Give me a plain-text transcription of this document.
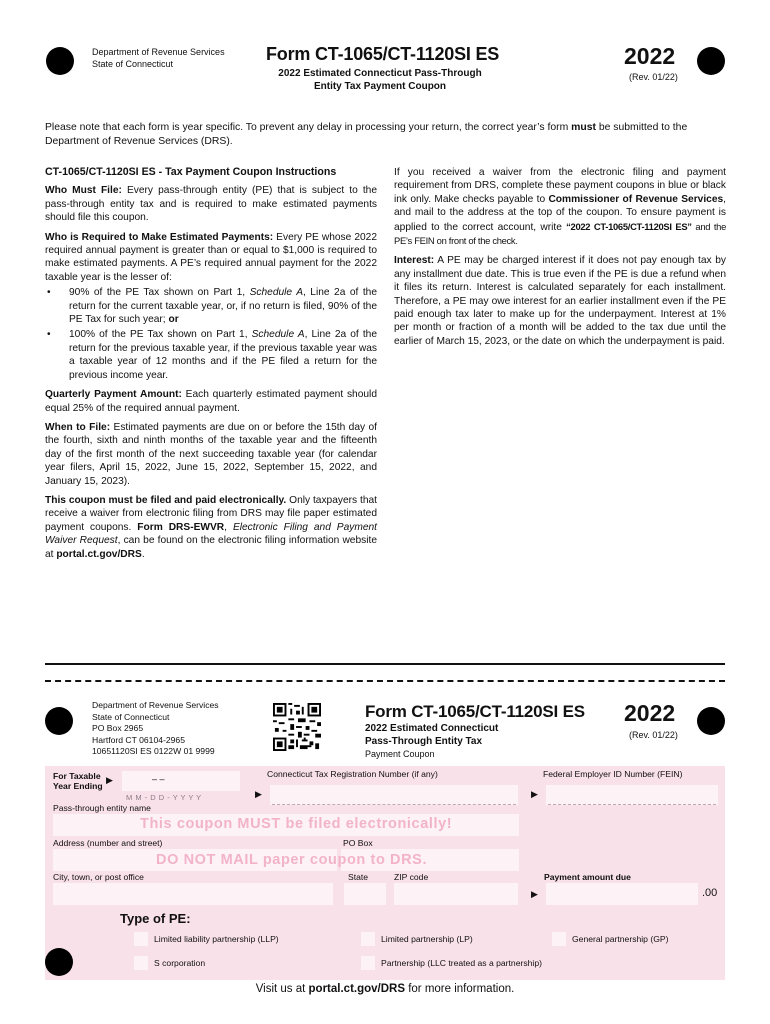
Department of Revenue Services
State of Connecticut	Form CT-1065/CT-1120SI ES
2022 Estimated Connecticut Pass-Through
Entity Tax Payment Coupon
2022
(Rev. 01/22)
Please note that each form is year specific. To prevent any delay in processing your return, the correct year’s form must be submitted to the Department of Revenue Services (DRS).

CT-1065/CT-1120SI ES - Tax Payment Coupon Instructions

Who Must File: Every pass-through entity (PE) that is subject to the pass-through entity tax and is required to make estimated payments should file this coupon.

Who is Required to Make Estimated Payments: Every PE whose 2022 required annual payment is greater than or equal to $1,000 is required to make estimated payments. A PE’s required annual payment for the 2022 taxable year is the lesser of:

•	90% of the PE Tax shown on Part 1, Schedule A, Line 2a of the return for the current taxable year, or, if no return is filed, 90% of the PE Tax for such year; or
•	100% of the PE Tax shown on Part 1, Schedule A, Line 2a of the return for the previous taxable year, if the previous taxable year was a taxable year of 12 months and if the PE filed a return for the previous income year.

Quarterly Payment Amount: Each quarterly estimated payment should equal 25% of the required annual payment.

When to File: Estimated payments are due on or before the 15th day of the fourth, sixth and ninth months of the taxable year and the fifteenth day of the first month of the next succeeding taxable year (for calendar year filers, April 15, 2022, June 15, 2022, September 15, 2022, and January 15, 2023).

This coupon must be filed and paid electronically. Only taxpayers that receive a waiver from electronic filing from DRS may file paper estimated payment coupons. Form DRS-EWVR, Electronic Filing and Payment Waiver Request, can be found on the electronic filing information website at portal.ct.gov/DRS.

If you received a waiver from the electronic filing and payment requirement from DRS, complete these payment coupons in blue or black ink only. Make checks payable to Commissioner of Revenue Services, and mail to the address at the top of the coupon. To ensure payment is applied to the correct account, write “2022 CT-1065/CT-1120SI ES” and the PE’s FEIN on front of the check.

Interest: A PE may be charged interest if it does not pay enough tax by any installment due date. This is true even if the PE is due a refund when it files its return. Interest is calculated separately for each installment. Therefore, a PE may owe interest for an earlier installment even if the PE paid enough tax later to make up for the underpayment. Interest at 1% per month or fraction of a month will be added to the tax due until the earlier of March 15, 2023, or the date on which the underpayment is paid.

Department of Revenue Services
State of Connecticut
PO Box 2965
Hartford CT 06104-2965
10651120SI ES 0122W 01 9999
Form CT-1065/CT-1120SI ES
2022 Estimated Connecticut
Pass-Through Entity Tax
Payment Coupon
2022
(Rev. 01/22)
For Taxable
Year Ending
▶	– –
M M - D D - Y Y Y Y
Connecticut Tax Registration Number (if any)
▶
Federal Employer ID Number (FEIN)
▶
Pass-through entity name
This coupon MUST be filed electronically!
Address (number and street)	PO Box
DO NOT MAIL paper coupon to DRS.
City, town, or post office	State	ZIP code	Payment amount due
▶	.00
Type of PE:
Limited liability partnership (LLP)	Limited partnership (LP)	General partnership (GP)
S corporation	Partnership (LLC treated as a partnership)
Visit us at portal.ct.gov/DRS for more information.
